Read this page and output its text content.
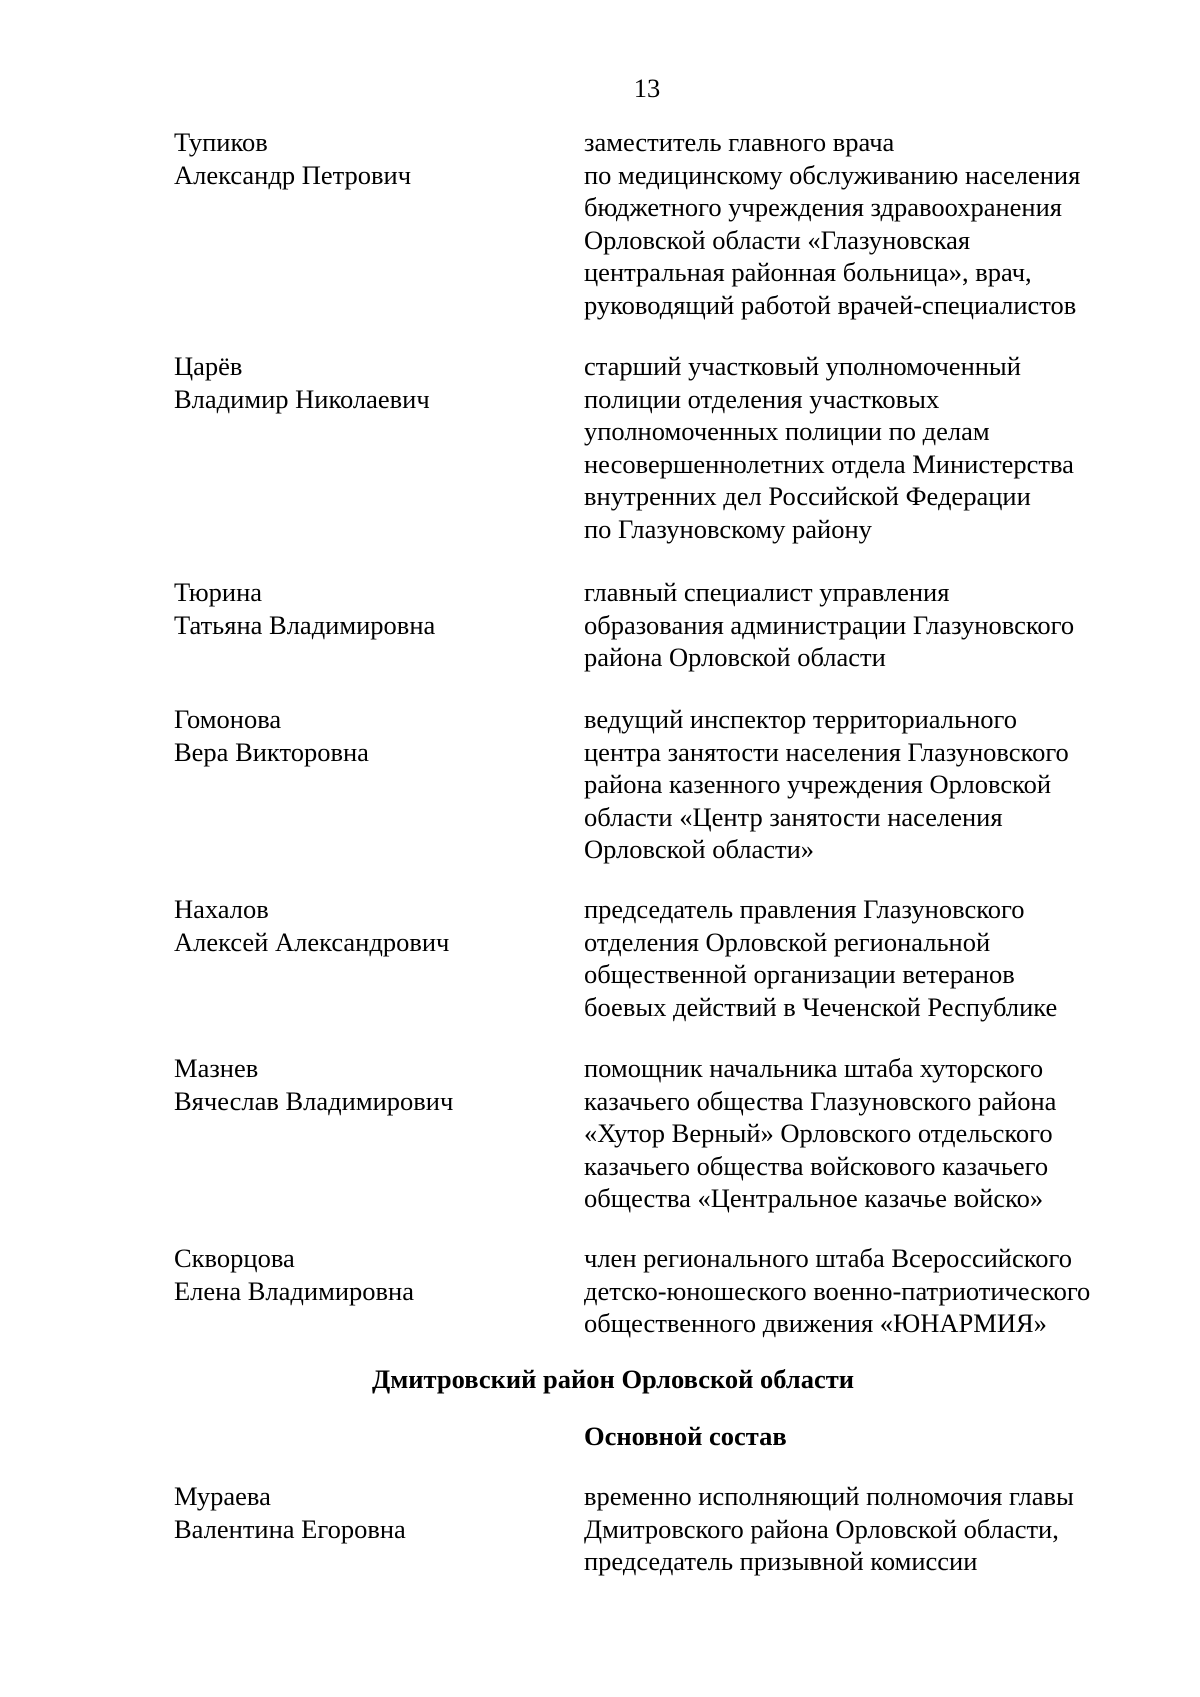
13
Тупиков
Александр Петрович
заместитель главного врача
по медицинскому обслуживанию населения
бюджетного учреждения здравоохранения
Орловской области «Глазуновская
центральная районная больница», врач,
руководящий работой врачей-специалистов
Царёв
Владимир Николаевич
старший участковый уполномоченный
полиции отделения участковых
уполномоченных полиции по делам
несовершеннолетних отдела Министерства
внутренних дел Российской Федерации
по Глазуновскому району
Тюрина
Татьяна Владимировна
главный специалист управления
образования администрации Глазуновского
района Орловской области
Гомонова
Вера Викторовна
ведущий инспектор территориального
центра занятости населения Глазуновского
района казенного учреждения Орловской
области «Центр занятости населения
Орловской области»
Нахалов
Алексей Александрович
председатель правления Глазуновского
отделения Орловской региональной
общественной организации ветеранов
боевых действий в Чеченской Республике
Мазнев
Вячеслав Владимирович
помощник начальника штаба хуторского
казачьего общества Глазуновского района
«Хутор Верный» Орловского отдельского
казачьего общества войскового казачьего
общества «Центральное казачье войско»
Скворцова
Елена Владимировна
член регионального штаба Всероссийского
детско-юношеского военно-патриотического
общественного движения «ЮНАРМИЯ»
Дмитровский район Орловской области
Основной состав
Мураева
Валентина Егоровна
временно исполняющий полномочия главы
Дмитровского района Орловской области,
председатель призывной комиссии
